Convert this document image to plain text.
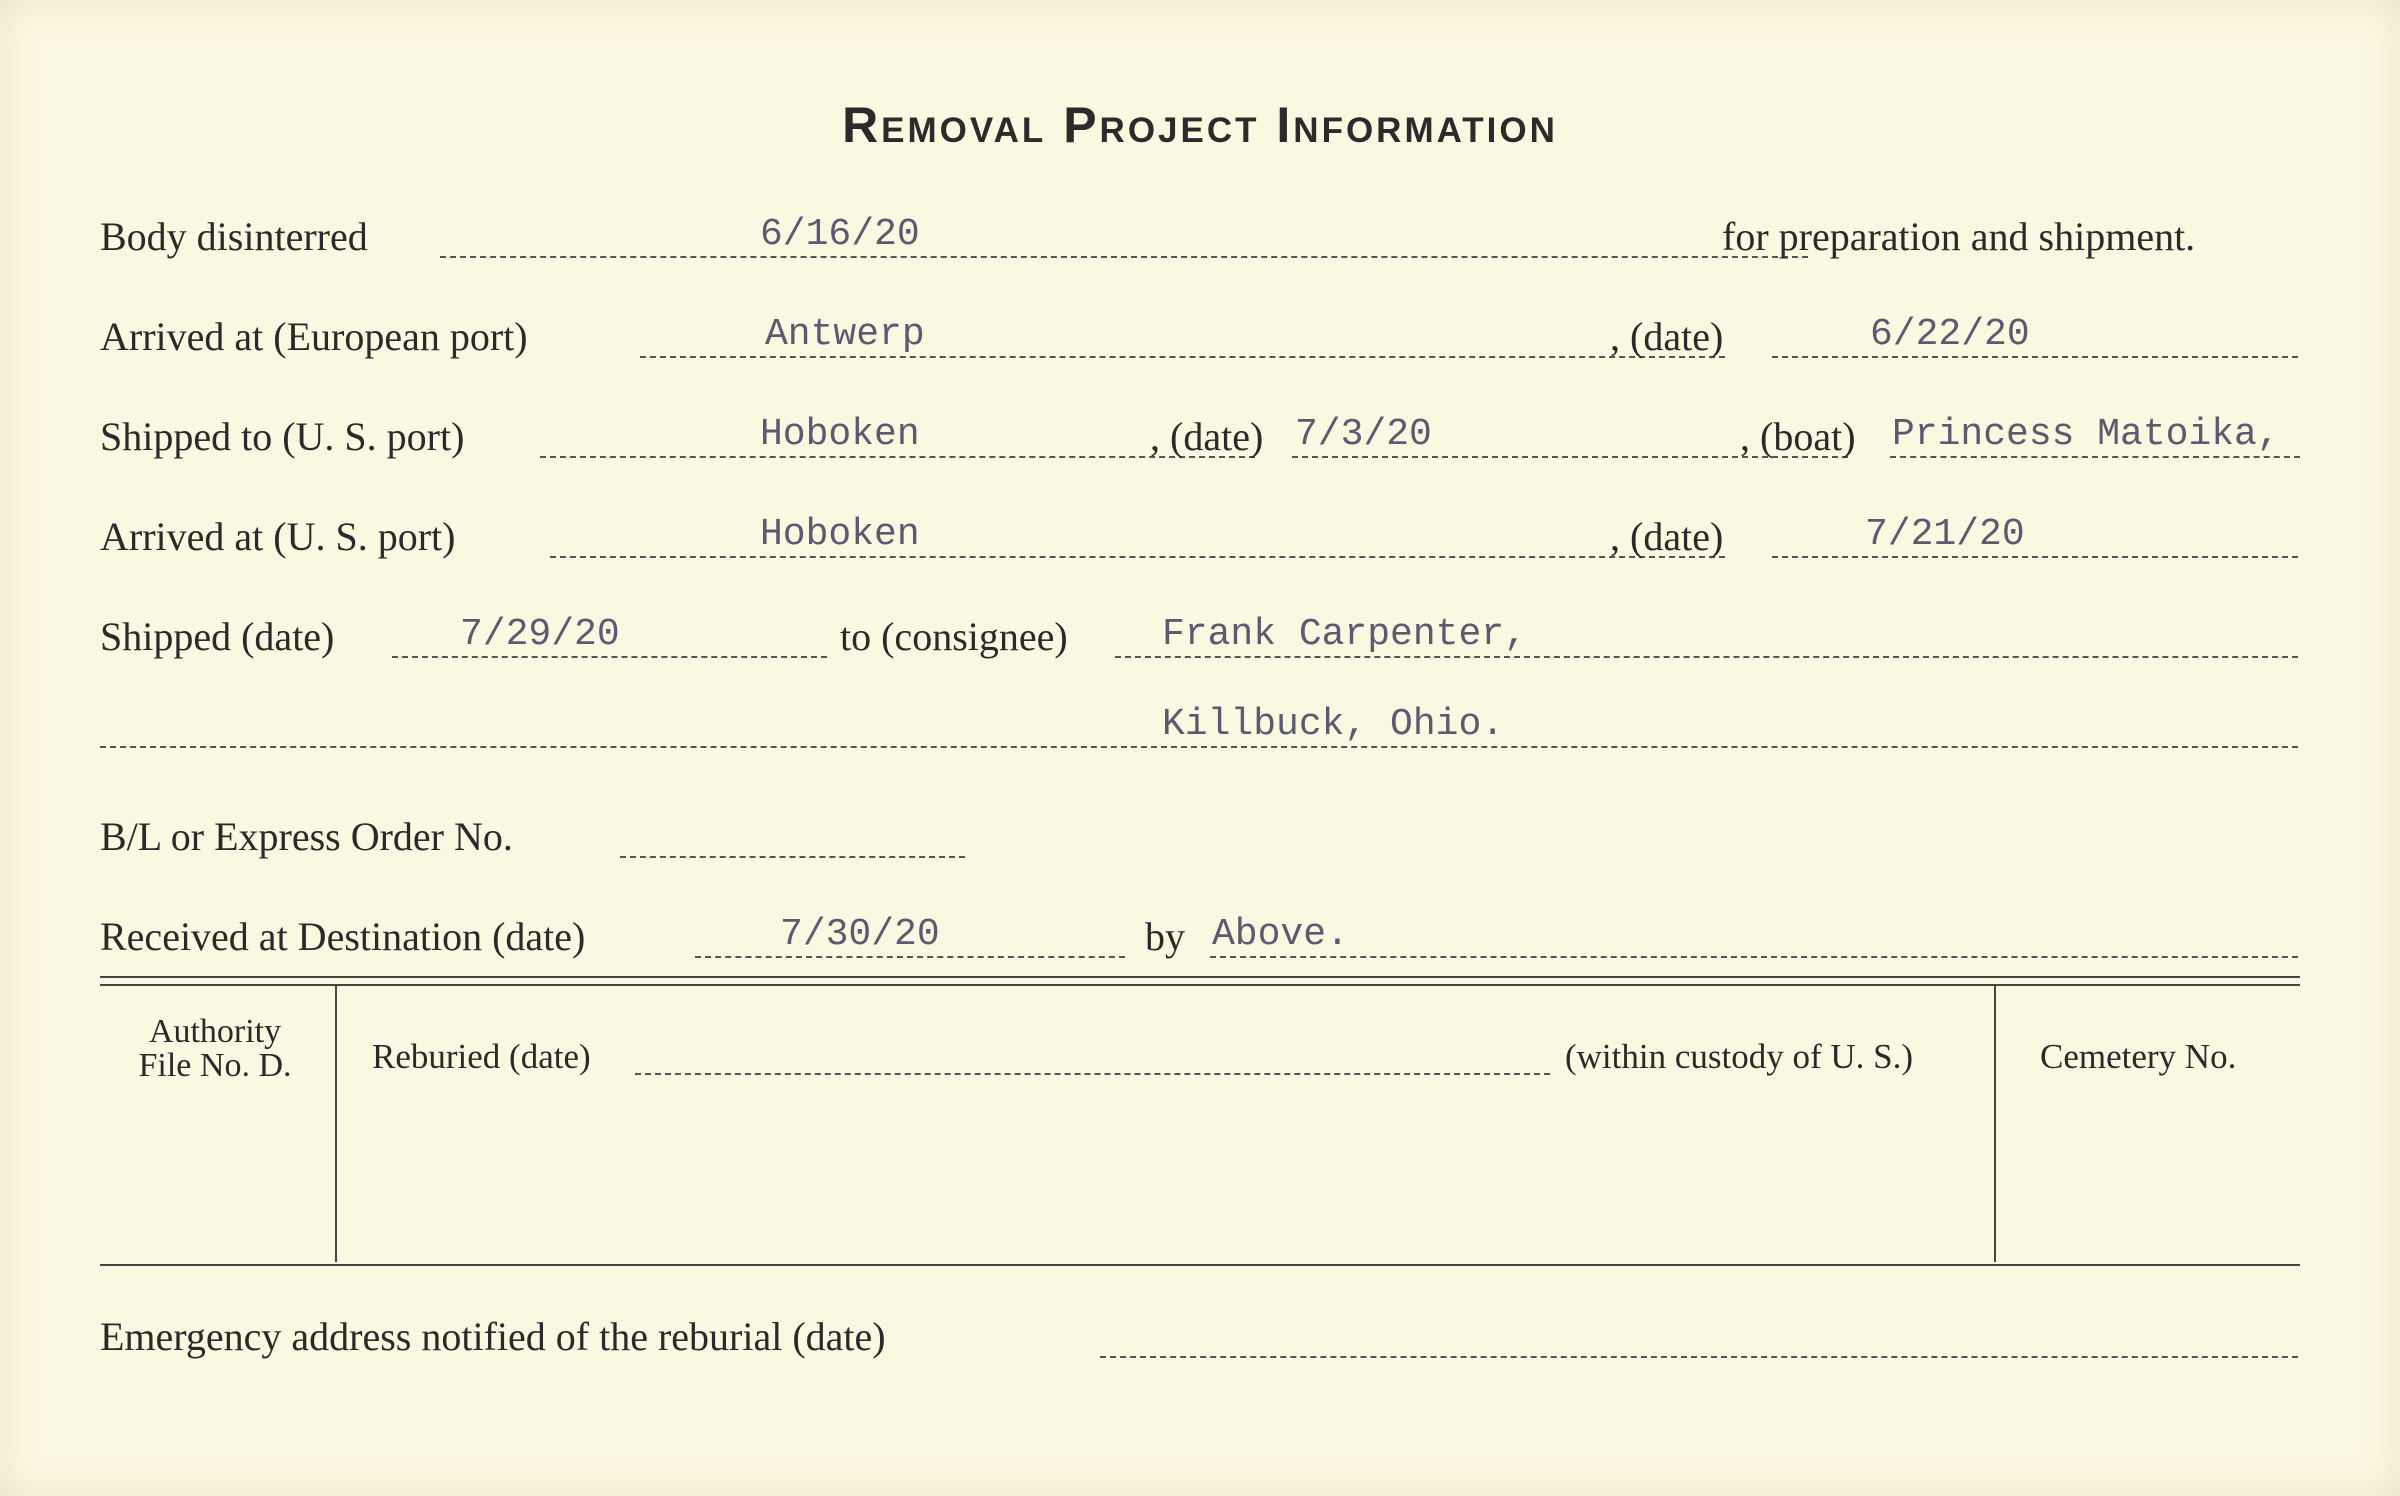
Removal Project Information
Body disinterred	6/16/20	for preparation and shipment.
Arrived at (European port)	Antwerp	, (date)	6/22/20
Shipped to (U. S. port)	Hoboken	, (date) 7/3/20	, (boat) Princess Matoika,
Arrived at (U. S. port)	Hoboken	, (date)	7/21/20
Shipped (date)	7/29/20	to (consignee) Frank Carpenter,
Killbuck, Ohio.
B/L or Express Order No.
Received at Destination (date)	7/30/20	by Above.
Authority
File No. D.	Reburied (date)	(within custody of U. S.)	Cemetery No.
Emergency address notified of the reburial (date)
